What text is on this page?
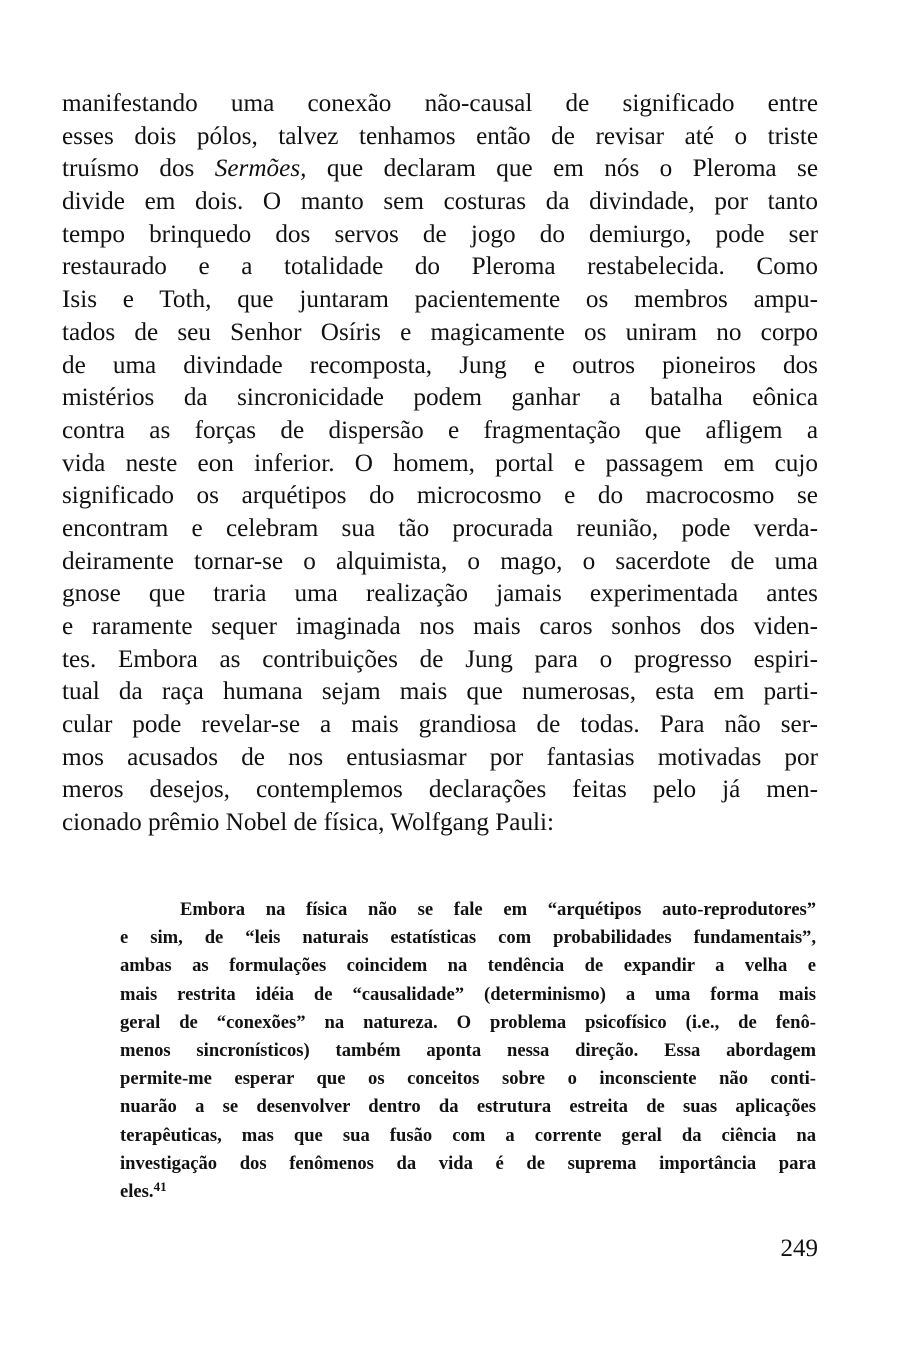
manifestando uma conexão não-causal de significado entre
esses dois pólos, talvez tenhamos então de revisar até o triste
truísmo dos Sermões, que declaram que em nós o Pleroma se
divide em dois. O manto sem costuras da divindade, por tanto
tempo brinquedo dos servos de jogo do demiurgo, pode ser
restaurado e a totalidade do Pleroma restabelecida. Como
Isis e Toth, que juntaram pacientemente os membros ampu-
tados de seu Senhor Osíris e magicamente os uniram no corpo
de uma divindade recomposta, Jung e outros pioneiros dos
mistérios da sincronicidade podem ganhar a batalha eônica
contra as forças de dispersão e fragmentação que afligem a
vida neste eon inferior. O homem, portal e passagem em cujo
significado os arquétipos do microcosmo e do macrocosmo se
encontram e celebram sua tão procurada reunião, pode verda-
deiramente tornar-se o alquimista, o mago, o sacerdote de uma
gnose que traria uma realização jamais experimentada antes
e raramente sequer imaginada nos mais caros sonhos dos viden-
tes. Embora as contribuições de Jung para o progresso espiri-
tual da raça humana sejam mais que numerosas, esta em parti-
cular pode revelar-se a mais grandiosa de todas. Para não ser-
mos acusados de nos entusiasmar por fantasias motivadas por
meros desejos, contemplemos declarações feitas pelo já men-
cionado prêmio Nobel de física, Wolfgang Pauli:
Embora na física não se fale em “arquétipos auto-reprodutores”
e sim, de “leis naturais estatísticas com probabilidades fundamentais”,
ambas as formulações coincidem na tendência de expandir a velha e
mais restrita idéia de “causalidade” (determinismo) a uma forma mais
geral de “conexões” na natureza. O problema psicofísico (i.e., de fenô-
menos sincronísticos) também aponta nessa direção. Essa abordagem
permite-me esperar que os conceitos sobre o inconsciente não conti-
nuarão a se desenvolver dentro da estrutura estreita de suas aplicações
terapêuticas, mas que sua fusão com a corrente geral da ciência na
investigação dos fenômenos da vida é de suprema importância para
eles.$^{41}$
249
